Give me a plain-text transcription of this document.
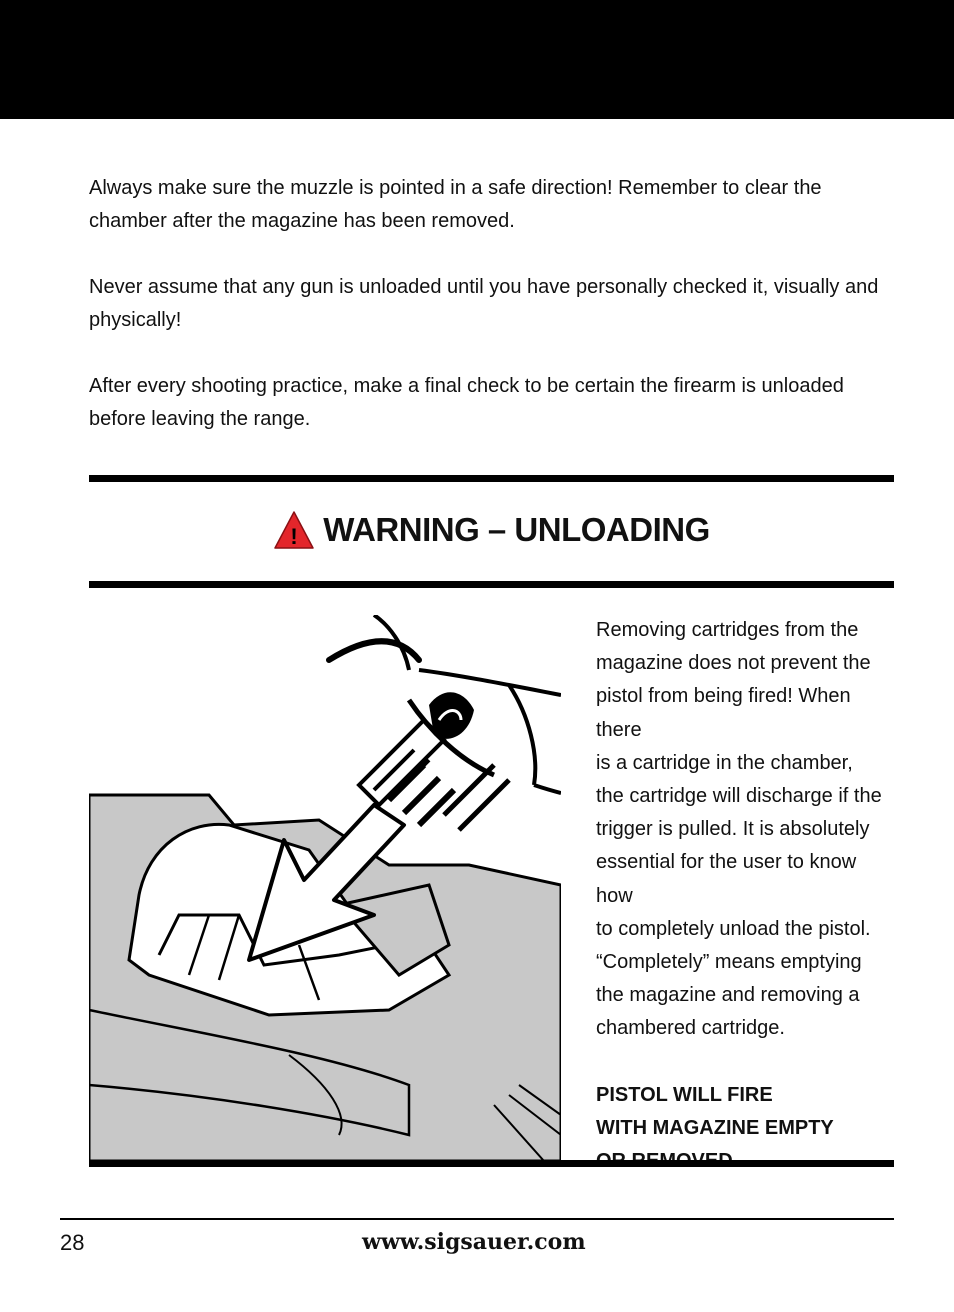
Always make sure the muzzle is pointed in a safe direction! Remember to clear the chamber after the magazine has been removed.

Never assume that any gun is unloaded until you have personally checked it, visually and physically!

After every shooting practice, make a final check to be certain the firearm is unloaded before leaving the range.

! WARNING – UNLOADING

Removing cartridges from the

magazine does not prevent the

pistol from being fired! When there

is a cartridge in the chamber,

the cartridge will discharge if the

trigger is pulled. It is absolutely

essential for the user to know how

to completely unload the pistol.

“Completely” means emptying

the magazine and removing a

chambered cartridge.

PISTOL WILL FIRE

WITH MAGAZINE EMPTY

28	www.sigsauer.com
